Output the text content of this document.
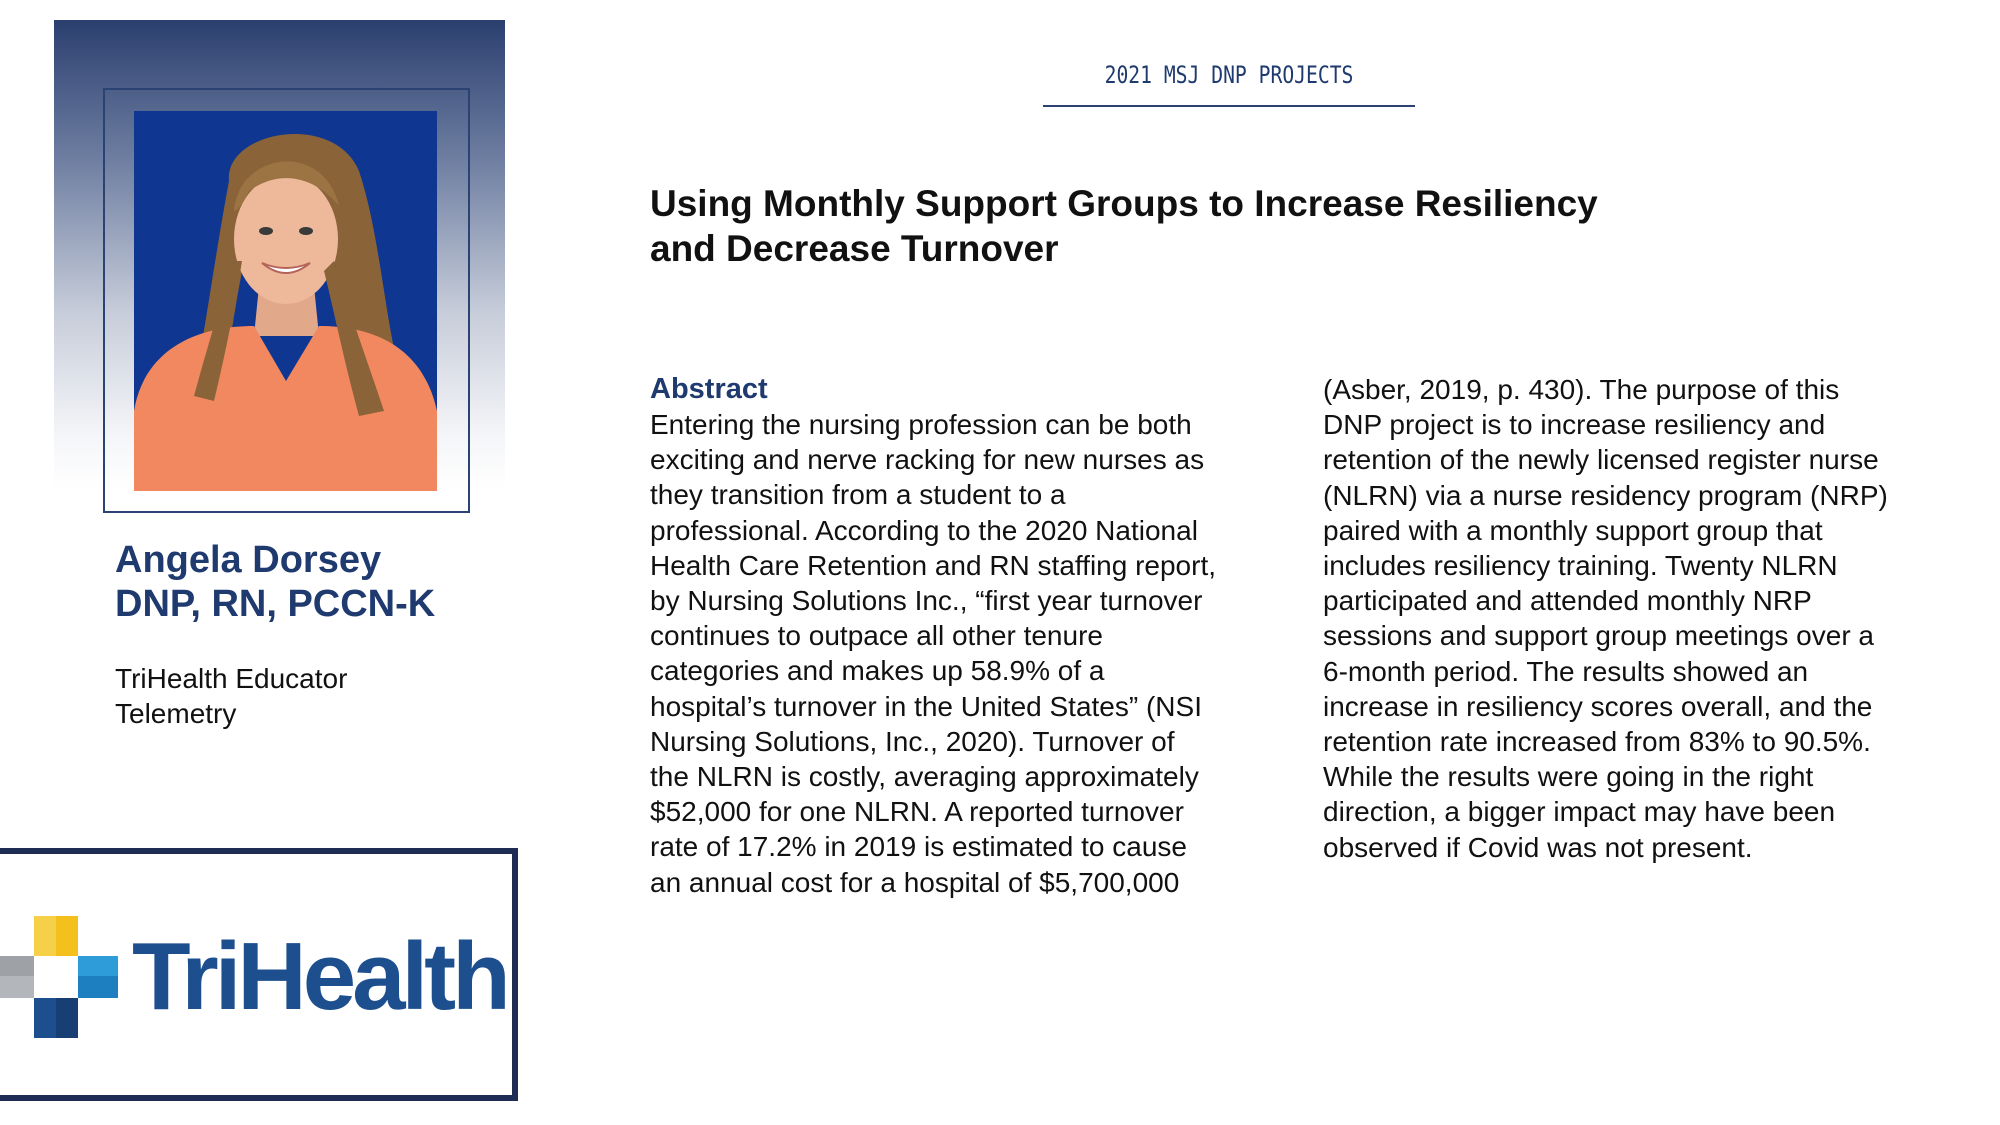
Angela Dorsey
DNP, RN, PCCN-K
TriHealth Educator
Telemetry
TriHealth
2021 MSJ DNP PROJECTS
Using Monthly Support Groups to Increase Resiliency
and Decrease Turnover
Abstract
Entering the nursing profession can be both
exciting and nerve racking for new nurses as
they transition from a student to a
professional. According to the 2020 National
Health Care Retention and RN staffing report,
by Nursing Solutions Inc., “first year turnover
continues to outpace all other tenure
categories and makes up 58.9% of a
hospital’s turnover in the United States” (NSI
Nursing Solutions, Inc., 2020). Turnover of
the NLRN is costly, averaging approximately
$52,000 for one NLRN. A reported turnover
rate of 17.2% in 2019 is estimated to cause
an annual cost for a hospital of $5,700,000
(Asber, 2019, p. 430). The purpose of this
DNP project is to increase resiliency and
retention of the newly licensed register nurse
(NLRN) via a nurse residency program (NRP)
paired with a monthly support group that
includes resiliency training. Twenty NLRN
participated and attended monthly NRP
sessions and support group meetings over a
6-month period. The results showed an
increase in resiliency scores overall, and the
retention rate increased from 83% to 90.5%.
While the results were going in the right
direction, a bigger impact may have been
observed if Covid was not present.
